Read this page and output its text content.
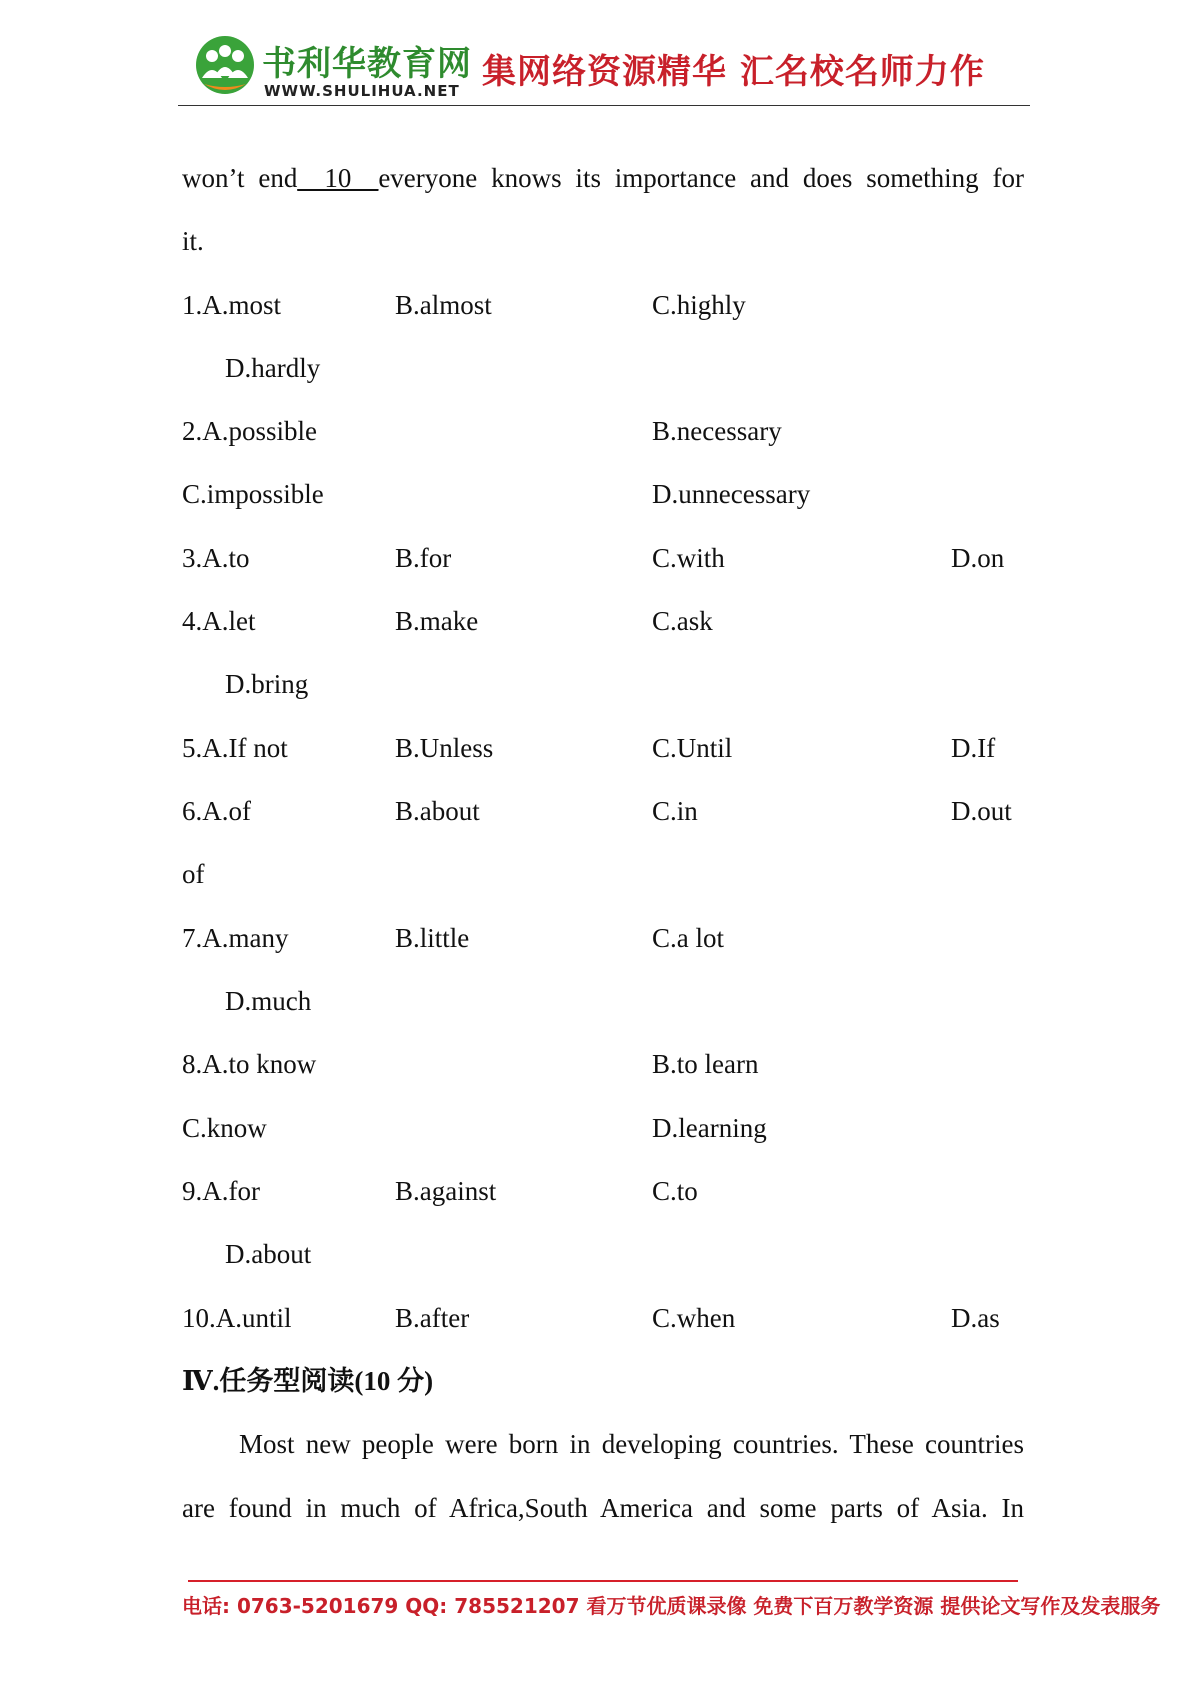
书利华教育网
WWW.SHULIHUA.NET 集网络资源精华 汇名校名师力作
won’t end__10__everyone knows its importance and does something for
it.
1.A.most	B.almost	C.highly
D.hardly
2.A.possible	B.necessary
C.impossible	D.unnecessary
3.A.to	B.for	C.with	D.on
4.A.let	B.make	C.ask
D.bring
5.A.If not	B.Unless	C.Until	D.If
6.A.of	B.about	C.in	D.out
of
7.A.many	B.little	C.a lot
D.much
8.A.to know	B.to learn
C.know	D.learning
9.A.for	B.against	C.to
D.about
10.A.until	B.after	C.when	D.as
Ⅳ.任务型阅读(10 分)
Most new people were born in developing countries. These countries
are found in much of Africa,South America and some parts of Asia. In
电话: 0763-5201679 QQ: 785521207 看万节优质课录像 免费下百万教学资源 提供论文写作及发表服务
